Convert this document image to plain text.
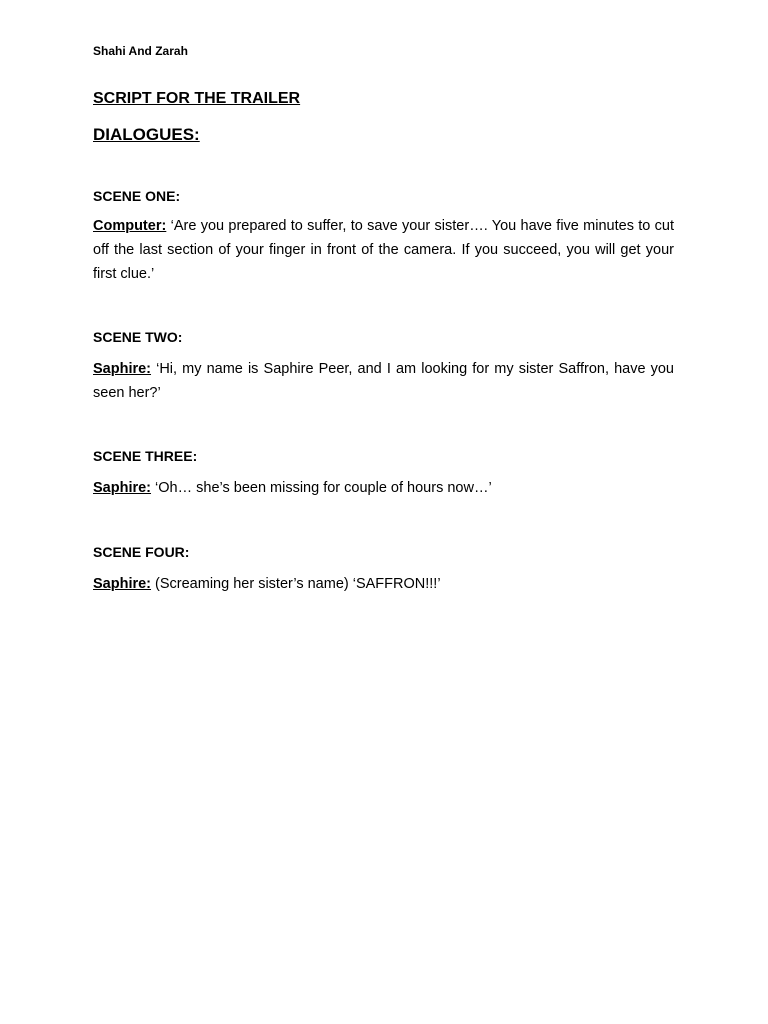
Shahi And Zarah
SCRIPT FOR THE TRAILER
DIALOGUES:
SCENE ONE:

Computer: ‘Are you prepared to suffer, to save your sister…. You have five minutes to cut off the last section of your finger in front of the camera. If you succeed, you will get your first clue.’

SCENE TWO:

Saphire: ‘Hi, my name is Saphire Peer, and I am looking for my sister Saffron, have you seen her?’

SCENE THREE:

Saphire: ‘Oh… she’s been missing for couple of hours now…’

SCENE FOUR:

Saphire: (Screaming her sister’s name) ‘SAFFRON!!!’
